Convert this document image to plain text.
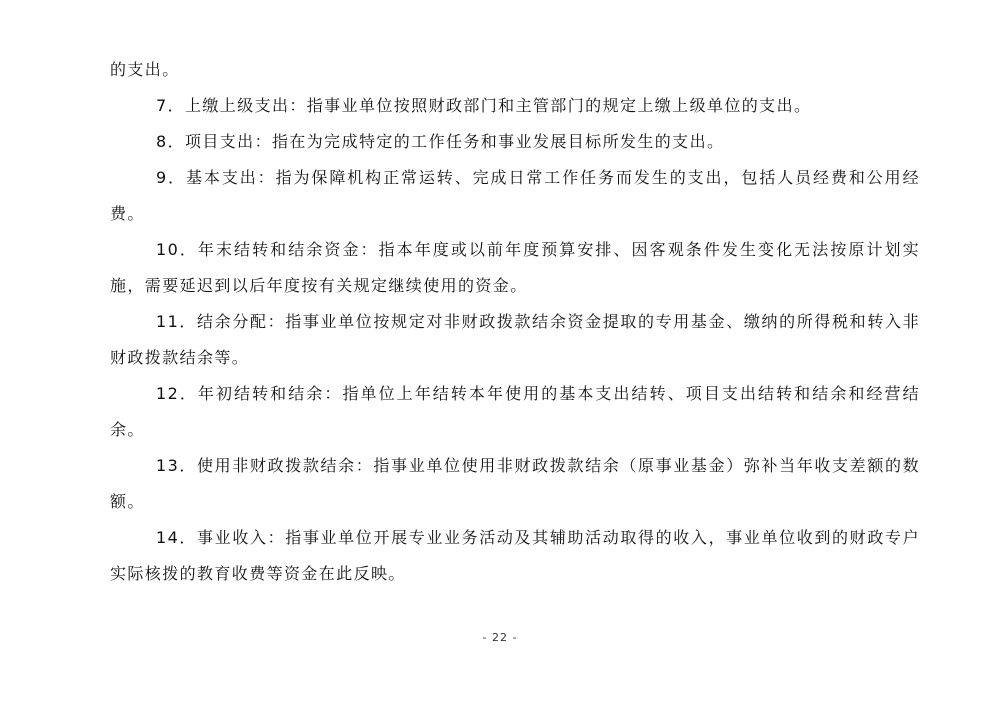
的支出。

7．上缴上级支出：指事业单位按照财政部门和主管部门的规定上缴上级单位的支出。

8．项目支出：指在为完成特定的工作任务和事业发展目标所发生的支出。

9．基本支出：指为保障机构正常运转、完成日常工作任务而发生的支出，包括人员经费和公用经费。

10．年末结转和结余资金：指本年度或以前年度预算安排、因客观条件发生变化无法按原计划实施，需要延迟到以后年度按有关规定继续使用的资金。

11．结余分配：指事业单位按规定对非财政拨款结余资金提取的专用基金、缴纳的所得税和转入非财政拨款结余等。

12．年初结转和结余：指单位上年结转本年使用的基本支出结转、项目支出结转和结余和经营结余。

13．使用非财政拨款结余：指事业单位使用非财政拨款结余（原事业基金）弥补当年收支差额的数额。

14．事业收入：指事业单位开展专业业务活动及其辅助活动取得的收入，事业单位收到的财政专户实际核拨的教育收费等资金在此反映。

- 22 -
